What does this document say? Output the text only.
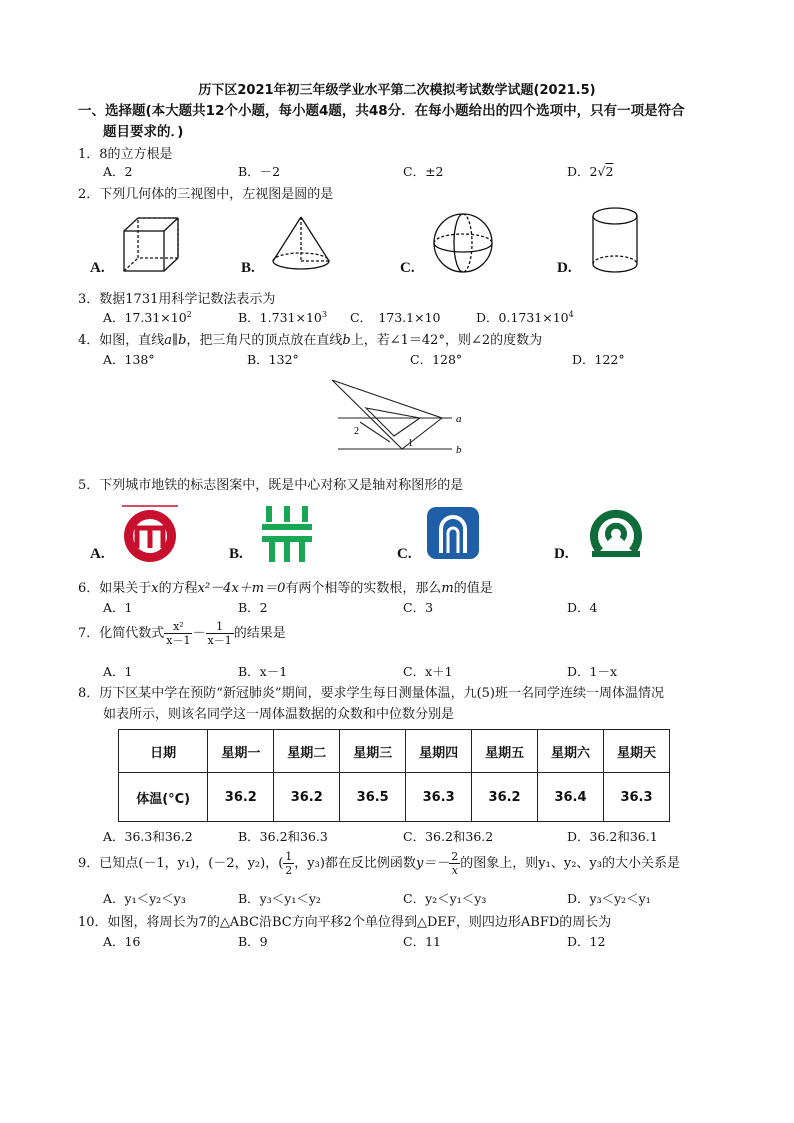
历下区2021年初三年级学业水平第二次模拟考试数学试题(2021.5)
一、选择题(本大题共12个小题，每小题4题，共48分．在每小题给出的四个选项中，只有一项是符合
题目要求的．)
1．8的立方根是
A．2	B．－2	C．±2	D．2√2
2．下列几何体的三视图中，左视图是圆的是
A.	B.	C.	D.
3．数据1731用科学记数法表示为
A．$17.31\times 10^2$	B．$1.731\times 10^3$ C．　173.1×10	D．$0.1731\times 10^4$
4．如图，直线a∥b，把三角尺的顶点放在直线b上，若∠1＝42°，则∠2的度数为
A．138°	B．132°	C．128°	D．122°
a
b
1
2
5．下列城市地铁的标志图案中，既是中心对称又是轴对称图形的是
A.	B.	C.	D.
6．如果关于x的方程x²－4x＋m＝0有两个相等的实数根，那么m的值是
A．1	B．2	C．3	D．4
7．化简代数式 $\frac{\text{x²}}{x-1} - \frac{1}{x-1}$ 的结果是
A．1	B．x－1	C．x＋1	D．1－x
8．历下区某中学在预防“新冠肺炎”期间，要求学生每日测量体温，九(5)班一名同学连续一周体温情况
如表所示，则该名同学这一周体温数据的众数和中位数分别是
日期	星期一	星期二	星期三	星期四	星期五	星期六	星期天
体温(°C)	36.2	36.2	36.5	36.3	36.2	36.4	36.3
A．36.3和36.2	B．36.2和36.3	C．36.2和36.2	D．36.2和36.1
9．已知点(－1，y₁)，(－2，y₂)，( $\frac{1}{2}$ ，y₃)都在反比例函数$y=- \frac{2}{x}$ 的图象上，则y₁、y₂、y₃的大小关系是
A．y₁＜y₂＜y₃	B．y₃＜y₁＜y₂	C．y₂＜y₁＜y₃	D．y₃＜y₂＜y₁
10．如图，将周长为7的△ABC沿BC方向平移2个单位得到△DEF，则四边形ABFD的周长为
A．16	B．9	C．11	D．12
